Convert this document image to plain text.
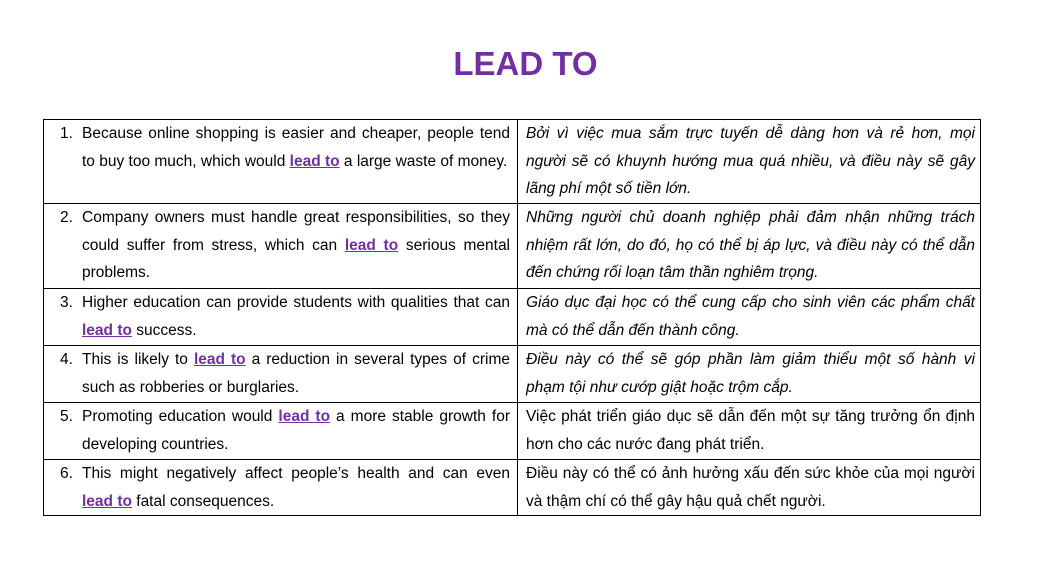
LEAD TO
1. Because online shopping is easier and cheaper, people tend to buy too much, which would lead to a large waste of money.	Bởi vì việc mua sắm trực tuyến dễ dàng hơn và rẻ hơn, mọi người sẽ có khuynh hướng mua quá nhiều, và điều này sẽ gây lãng phí một số tiền lớn.

2. Company owners must handle great responsibilities, so they could suffer from stress, which can lead to serious mental problems.	Những người chủ doanh nghiệp phải đảm nhận những trách nhiệm rất lớn, do đó, họ có thể bị áp lực, và điều này có thể dẫn đến chứng rối loạn tâm thần nghiêm trọng.

3. Higher education can provide students with qualities that can lead to success.	Giáo dục đại học có thể cung cấp cho sinh viên các phẩm chất mà có thể dẫn đến thành công.

4. This is likely to lead to a reduction in several types of crime such as robberies or burglaries.	Điều này có thể sẽ góp phần làm giảm thiểu một số hành vi phạm tội như cướp giật hoặc trộm cắp.

5. Promoting education would lead to a more stable growth for developing countries.	Việc phát triển giáo dục sẽ dẫn đến một sự tăng trưởng ổn định hơn cho các nước đang phát triển.

6. This might negatively affect people’s health and can even lead to fatal consequences.	Điều này có thể có ảnh hưởng xấu đến sức khỏe của mọi người và thậm chí có thể gây hậu quả chết người.
